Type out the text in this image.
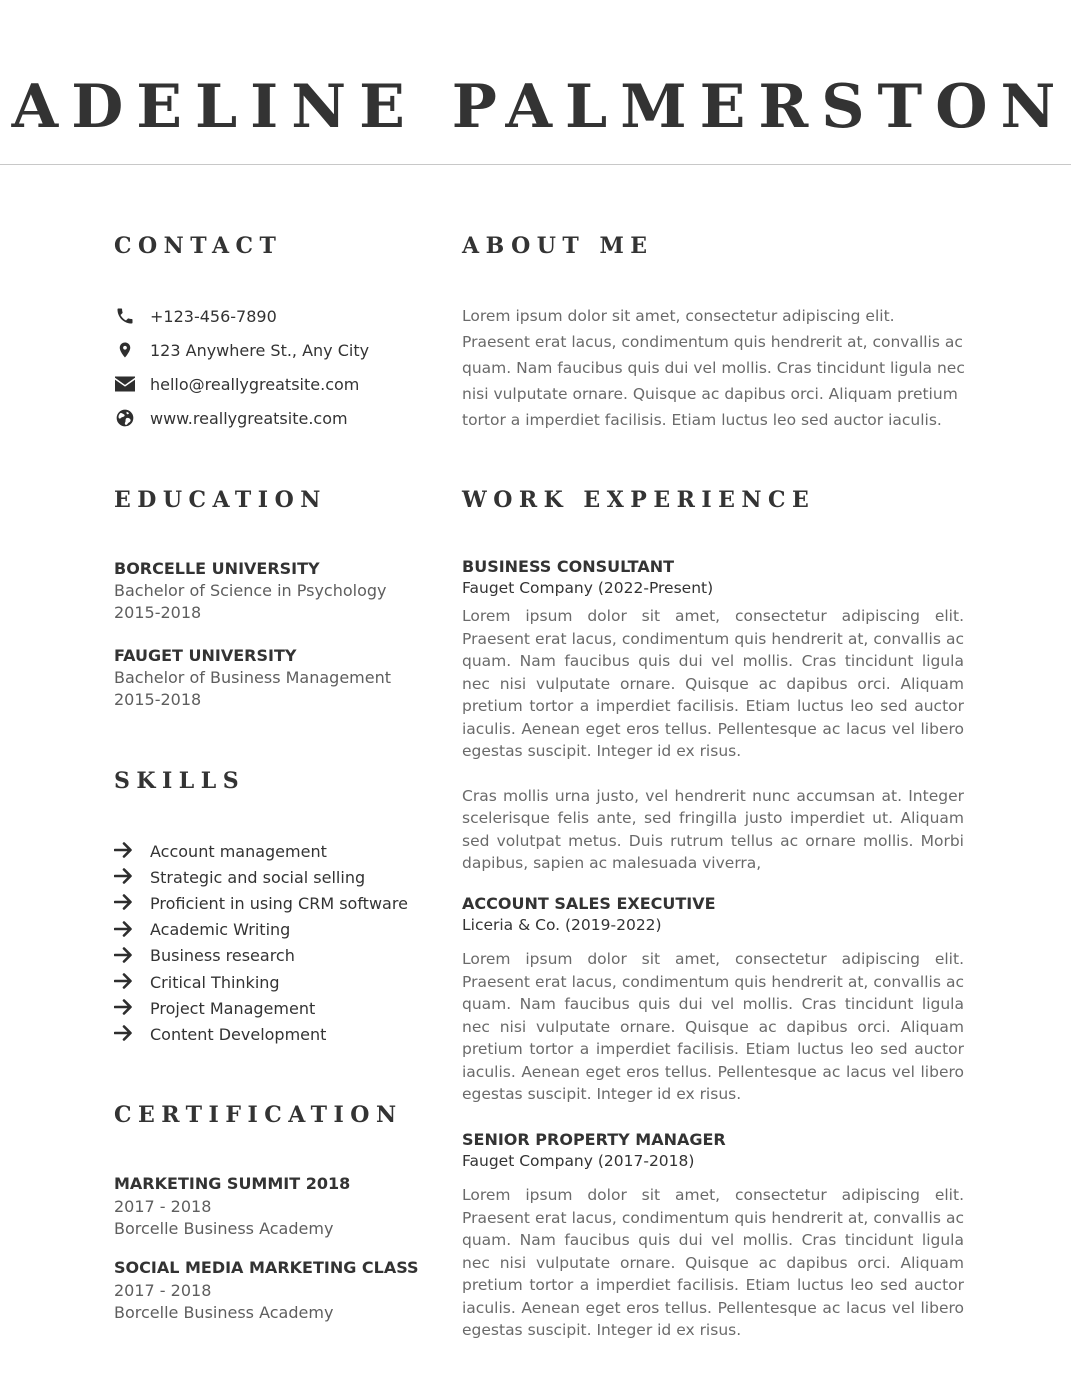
ADELINE PALMERSTON
CONTACT
+123-456-7890
123 Anywhere St., Any City
hello@reallygreatsite.com
www.reallygreatsite.com
ABOUT ME
Lorem ipsum dolor sit amet, consectetur adipiscing elit. Praesent erat lacus, condimentum quis hendrerit at, convallis ac quam. Nam faucibus quis dui vel mollis. Cras tincidunt ligula nec nisi vulputate ornare. Quisque ac dapibus orci. Aliquam pretium tortor a imperdiet facilisis. Etiam luctus leo sed auctor iaculis.
EDUCATION
BORCELLE UNIVERSITY
Bachelor of Science in Psychology
2015-2018
FAUGET UNIVERSITY
Bachelor of Business Management
2015-2018
SKILLS
Account management
Strategic and social selling
Proficient in using CRM software
Academic Writing
Business research
Critical Thinking
Project Management
Content Development
CERTIFICATION
MARKETING SUMMIT 2018
2017 - 2018
Borcelle Business Academy
SOCIAL MEDIA MARKETING CLASS
2017 - 2018
Borcelle Business Academy
WORK EXPERIENCE
BUSINESS CONSULTANT
Fauget Company (2022-Present)
Lorem ipsum dolor sit amet, consectetur adipiscing elit. Praesent erat lacus, condimentum quis hendrerit at, convallis ac quam. Nam faucibus quis dui vel mollis. Cras tincidunt ligula nec nisi vulputate ornare. Quisque ac dapibus orci. Aliquam pretium tortor a imperdiet facilisis. Etiam luctus leo sed auctor iaculis. Aenean eget eros tellus. Pellentesque ac lacus vel libero egestas suscipit. Integer id ex risus.
Cras mollis urna justo, vel hendrerit nunc accumsan at. Integer scelerisque felis ante, sed fringilla justo imperdiet ut. Aliquam sed volutpat metus. Duis rutrum tellus ac ornare mollis. Morbi dapibus, sapien ac malesuada viverra,
ACCOUNT SALES EXECUTIVE
Liceria & Co. (2019-2022)
Lorem ipsum dolor sit amet, consectetur adipiscing elit. Praesent erat lacus, condimentum quis hendrerit at, convallis ac quam. Nam faucibus quis dui vel mollis. Cras tincidunt ligula nec nisi vulputate ornare. Quisque ac dapibus orci. Aliquam pretium tortor a imperdiet facilisis. Etiam luctus leo sed auctor iaculis. Aenean eget eros tellus. Pellentesque ac lacus vel libero egestas suscipit. Integer id ex risus.
SENIOR PROPERTY MANAGER
Fauget Company (2017-2018)
Lorem ipsum dolor sit amet, consectetur adipiscing elit. Praesent erat lacus, condimentum quis hendrerit at, convallis ac quam. Nam faucibus quis dui vel mollis. Cras tincidunt ligula nec nisi vulputate ornare. Quisque ac dapibus orci. Aliquam pretium tortor a imperdiet facilisis. Etiam luctus leo sed auctor iaculis. Aenean eget eros tellus. Pellentesque ac lacus vel libero egestas suscipit. Integer id ex risus.
